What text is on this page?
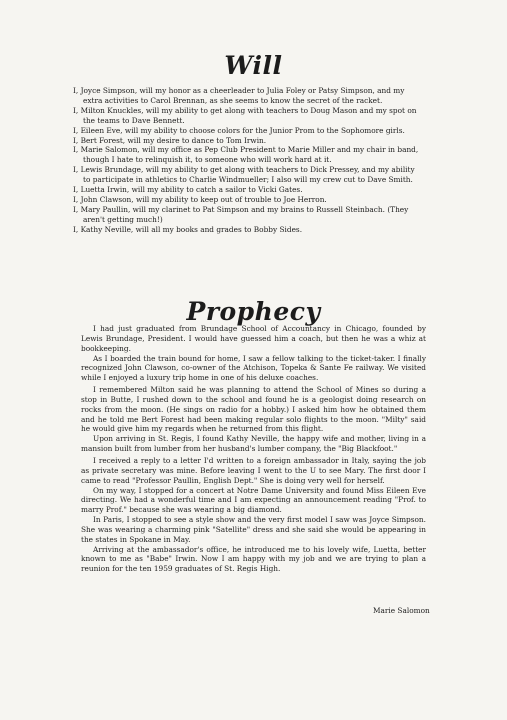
Will
I, Joyce Simpson, will my honor as a cheerleader to Julia Foley or Patsy Simpson, and my extra activities to Carol Brennan, as she seems to know the secret of the racket.
I, Milton Knuckles, will my ability to get along with teachers to Doug Mason and my spot on the teams to Dave Bennett.
I, Eileen Eve, will my ability to choose colors for the Junior Prom to the Sophomore girls.
I, Bert Forest, will my desire to dance to Tom Irwin.
I, Marie Salomon, will my office as Pep Club President to Marie Miller and my chair in band, though I hate to relinquish it, to someone who will work hard at it.
I, Lewis Brundage, will my ability to get along with teachers to Dick Pressey, and my ability to participate in athletics to Charlie Windmueller; I also will my crew cut to Dave Smith.
I, Luetta Irwin, will my ability to catch a sailor to Vicki Gates.
I, John Clawson, will my ability to keep out of trouble to Joe Herron.
I, Mary Paullin, will my clarinet to Pat Simpson and my brains to Russell Steinbach. (They aren't getting much!)
I, Kathy Neville, will all my books and grades to Bobby Sides.
Prophecy

I had just graduated from Brundage School of Accountancy in Chicago, founded by Lewis Brundage, President. I would have guessed him a coach, but then he was a whiz at bookkeeping.

As I boarded the train bound for home, I saw a fellow talking to the ticket-taker. I finally recognized John Clawson, co-owner of the Atchison, Topeka & Sante Fe railway. We visited while I enjoyed a luxury trip home in one of his deluxe coaches.

I remembered Milton said he was planning to attend the School of Mines so during a stop in Butte, I rushed down to the school and found he is a geologist doing research on rocks from the moon. (He sings on radio for a hobby.) I asked him how he obtained them and he told me Bert Forest had been making regular solo flights to the moon. "Milty" said he would give him my regards when he returned from this flight.

Upon arriving in St. Regis, I found Kathy Neville, the happy wife and mother, living in a mansion built from lumber from her husband's lumber company, the "Big Blackfoot."

I received a reply to a letter I'd written to a foreign ambassador in Italy, saying the job as private secretary was mine. Before leaving I went to the U to see Mary. The first door I came to read "Professor Paullin, English Dept." She is doing very well for herself.

On my way, I stopped for a concert at Notre Dame University and found Miss Eileen Eve directing. We had a wonderful time and I am expecting an announcement reading "Prof. to marry Prof." because she was wearing a big diamond.

In Paris, I stopped to see a style show and the very first model I saw was Joyce Simpson. She was wearing a charming pink "Satellite" dress and she said she would be appearing in the states in Spokane in May.

Arriving at the ambassador's office, he introduced me to his lovely wife, Luetta, better known to me as "Babe" Irwin. Now I am happy with my job and we are trying to plan a reunion for the ten 1959 graduates of St. Regis High.

Marie Salomon
